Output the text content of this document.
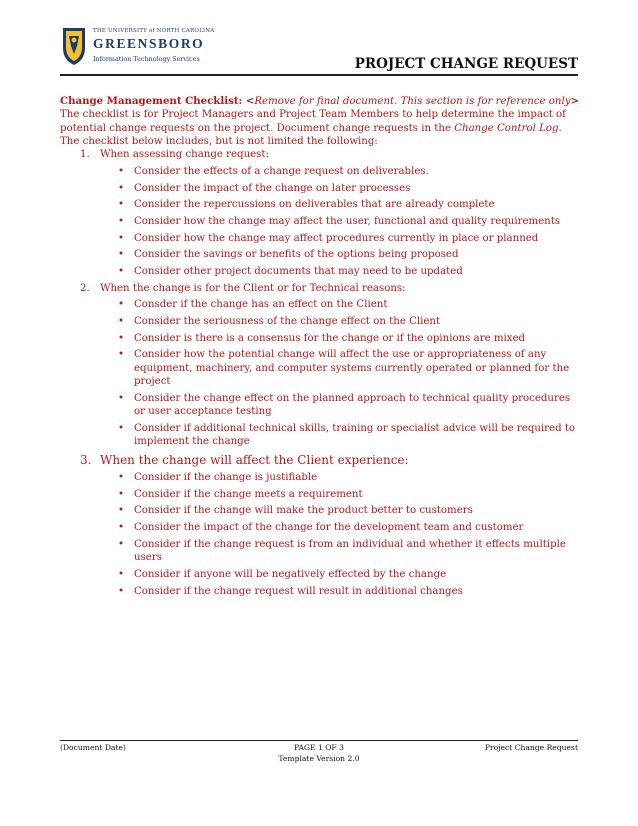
THE UNIVERSITY of NORTH CAROLINA
GREENSBORO
Information Technology Services	PROJECT CHANGE REQUEST
Change Management Checklist: <Remove for final document. This section is for reference only>
The checklist is for Project Managers and Project Team Members to help determine the impact of potential change requests on the project. Document change requests in the Change Control Log. The checklist below includes, but is not limited the following:
1. When assessing change request:
• Consider the effects of a change request on deliverables.
• Consider the impact of the change on later processes
• Consider the repercussions on deliverables that are already complete
• Consider how the change may affect the user, functional and quality requirements
• Consider how the change may affect procedures currently in place or planned
• Consider the savings or benefits of the options being proposed
• Consider other project documents that may need to be updated
2. When the change is for the Client or for Technical reasons:
• Consder if the change has an effect on the Client
• Consider the seriousness of the change effect on the Client
• Consider is there is a consensus for the change or if the opinions are mixed
• Consider how the potential change will affect the use or appropriateness of any equipment, machinery, and computer systems currently operated or planned for the project
• Consider the change effect on the planned approach to technical quality procedures or user acceptance testing
• Consider if additional technical skills, training or specialist advice will be required to implement the change
3. When the change will affect the Client experience:
• Consider if the change is justifiable
• Consider if the change meets a requirement
• Consider if the change will make the product better to customers
• Consider the impact of the change for the development team and customer
• Consider if the change request is from an individual and whether it effects multiple users
• Consider if anyone will be negatively effected by the change
• Consider if the change request will result in additional changes
(Document Date)	PAGE 1 OF 3	Project Change Request
Template Version 2.0
